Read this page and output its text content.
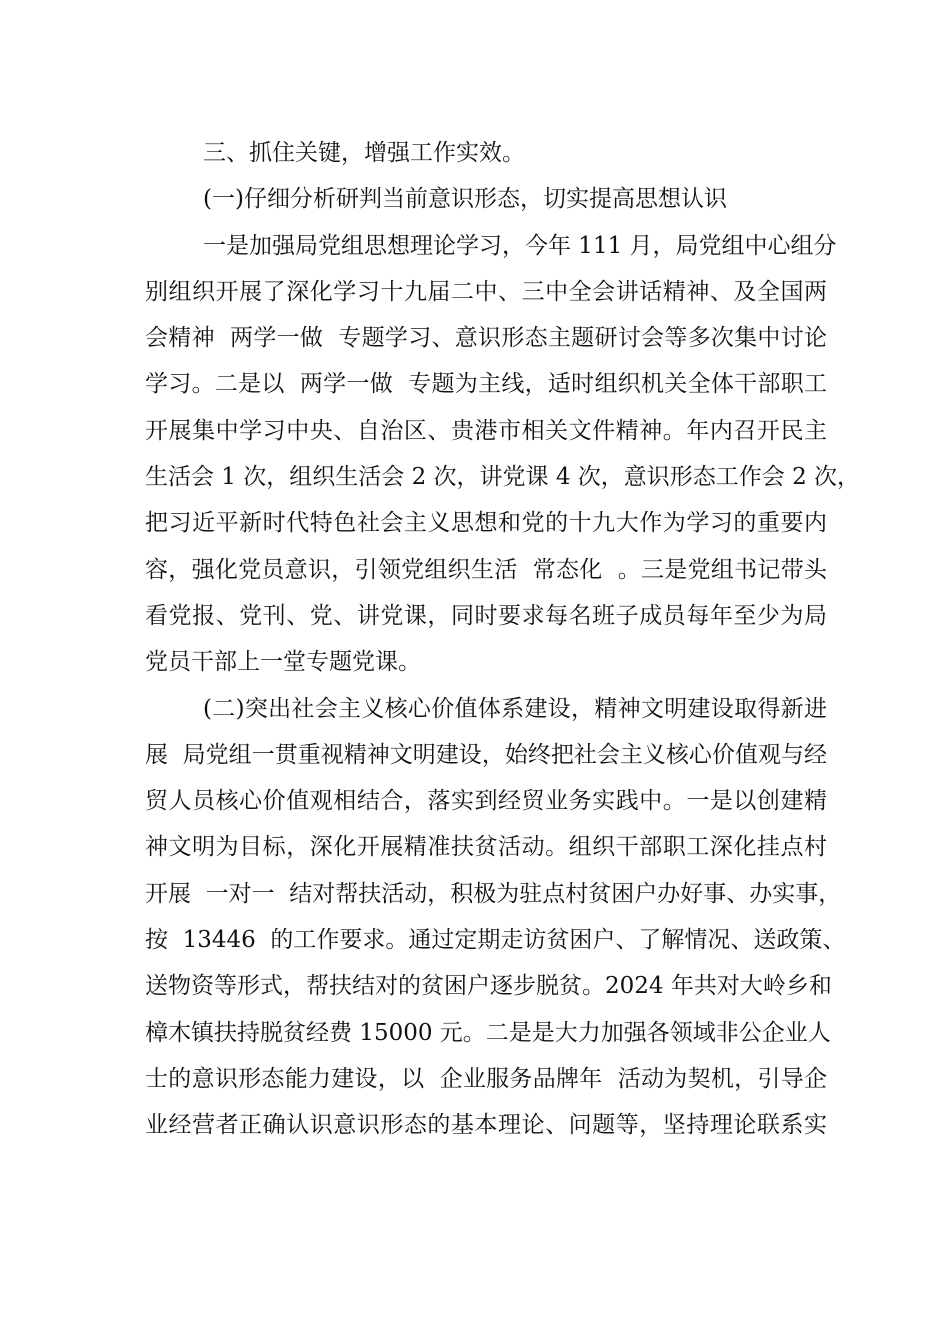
三、抓住关键，增强工作实效。
(一)仔细分析研判当前意识形态，切实提高思想认识
一是加强局党组思想理论学习，今年 111 月，局党组中心组分
别组织开展了深化学习十九届二中、三中全会讲话精神、及全国两
会精神  两学一做  专题学习、意识形态主题研讨会等多次集中讨论
学习。二是以  两学一做  专题为主线，适时组织机关全体干部职工
开展集中学习中央、自治区、贵港市相关文件精神。年内召开民主
生活会 1 次，组织生活会 2 次，讲党课 4 次，意识形态工作会 2 次，
把习近平新时代特色社会主义思想和党的十九大作为学习的重要内
容，强化党员意识，引领党组织生活  常态化  。三是党组书记带头
看党报、党刊、党、讲党课，同时要求每名班子成员每年至少为局
党员干部上一堂专题党课。
(二)突出社会主义核心价值体系建设，精神文明建设取得新进
展  局党组一贯重视精神文明建设，始终把社会主义核心价值观与经
贸人员核心价值观相结合，落实到经贸业务实践中。一是以创建精
神文明为目标，深化开展精准扶贫活动。组织干部职工深化挂点村
开展  一对一  结对帮扶活动，积极为驻点村贫困户办好事、办实事，
按  13446  的工作要求。通过定期走访贫困户、了解情况、送政策、
送物资等形式，帮扶结对的贫困户逐步脱贫。2024 年共对大岭乡和
樟木镇扶持脱贫经费 15000 元。二是是大力加强各领域非公企业人
士的意识形态能力建设，以  企业服务品牌年  活动为契机，引导企
业经营者正确认识意识形态的基本理论、问题等，坚持理论联系实
